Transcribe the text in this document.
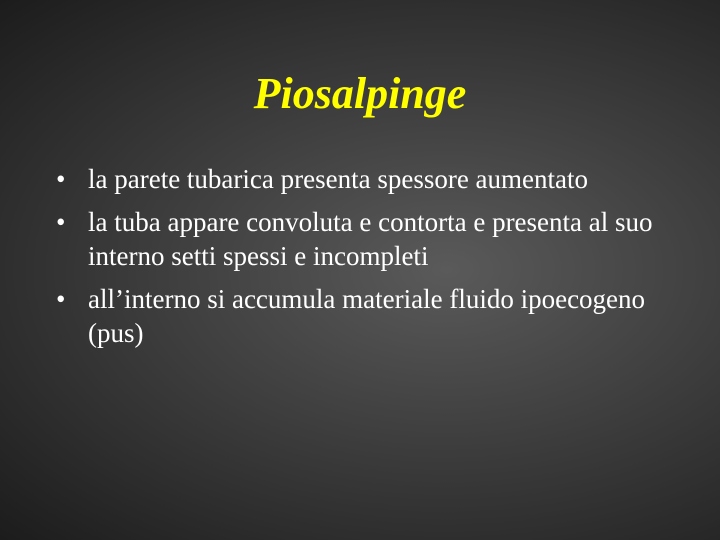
Piosalpinge
• la parete tubarica presenta spessore aumentato
• la tuba appare convoluta e contorta e presenta al suo interno setti spessi e incompleti
• all’interno si accumula materiale fluido ipoecogeno (pus)
